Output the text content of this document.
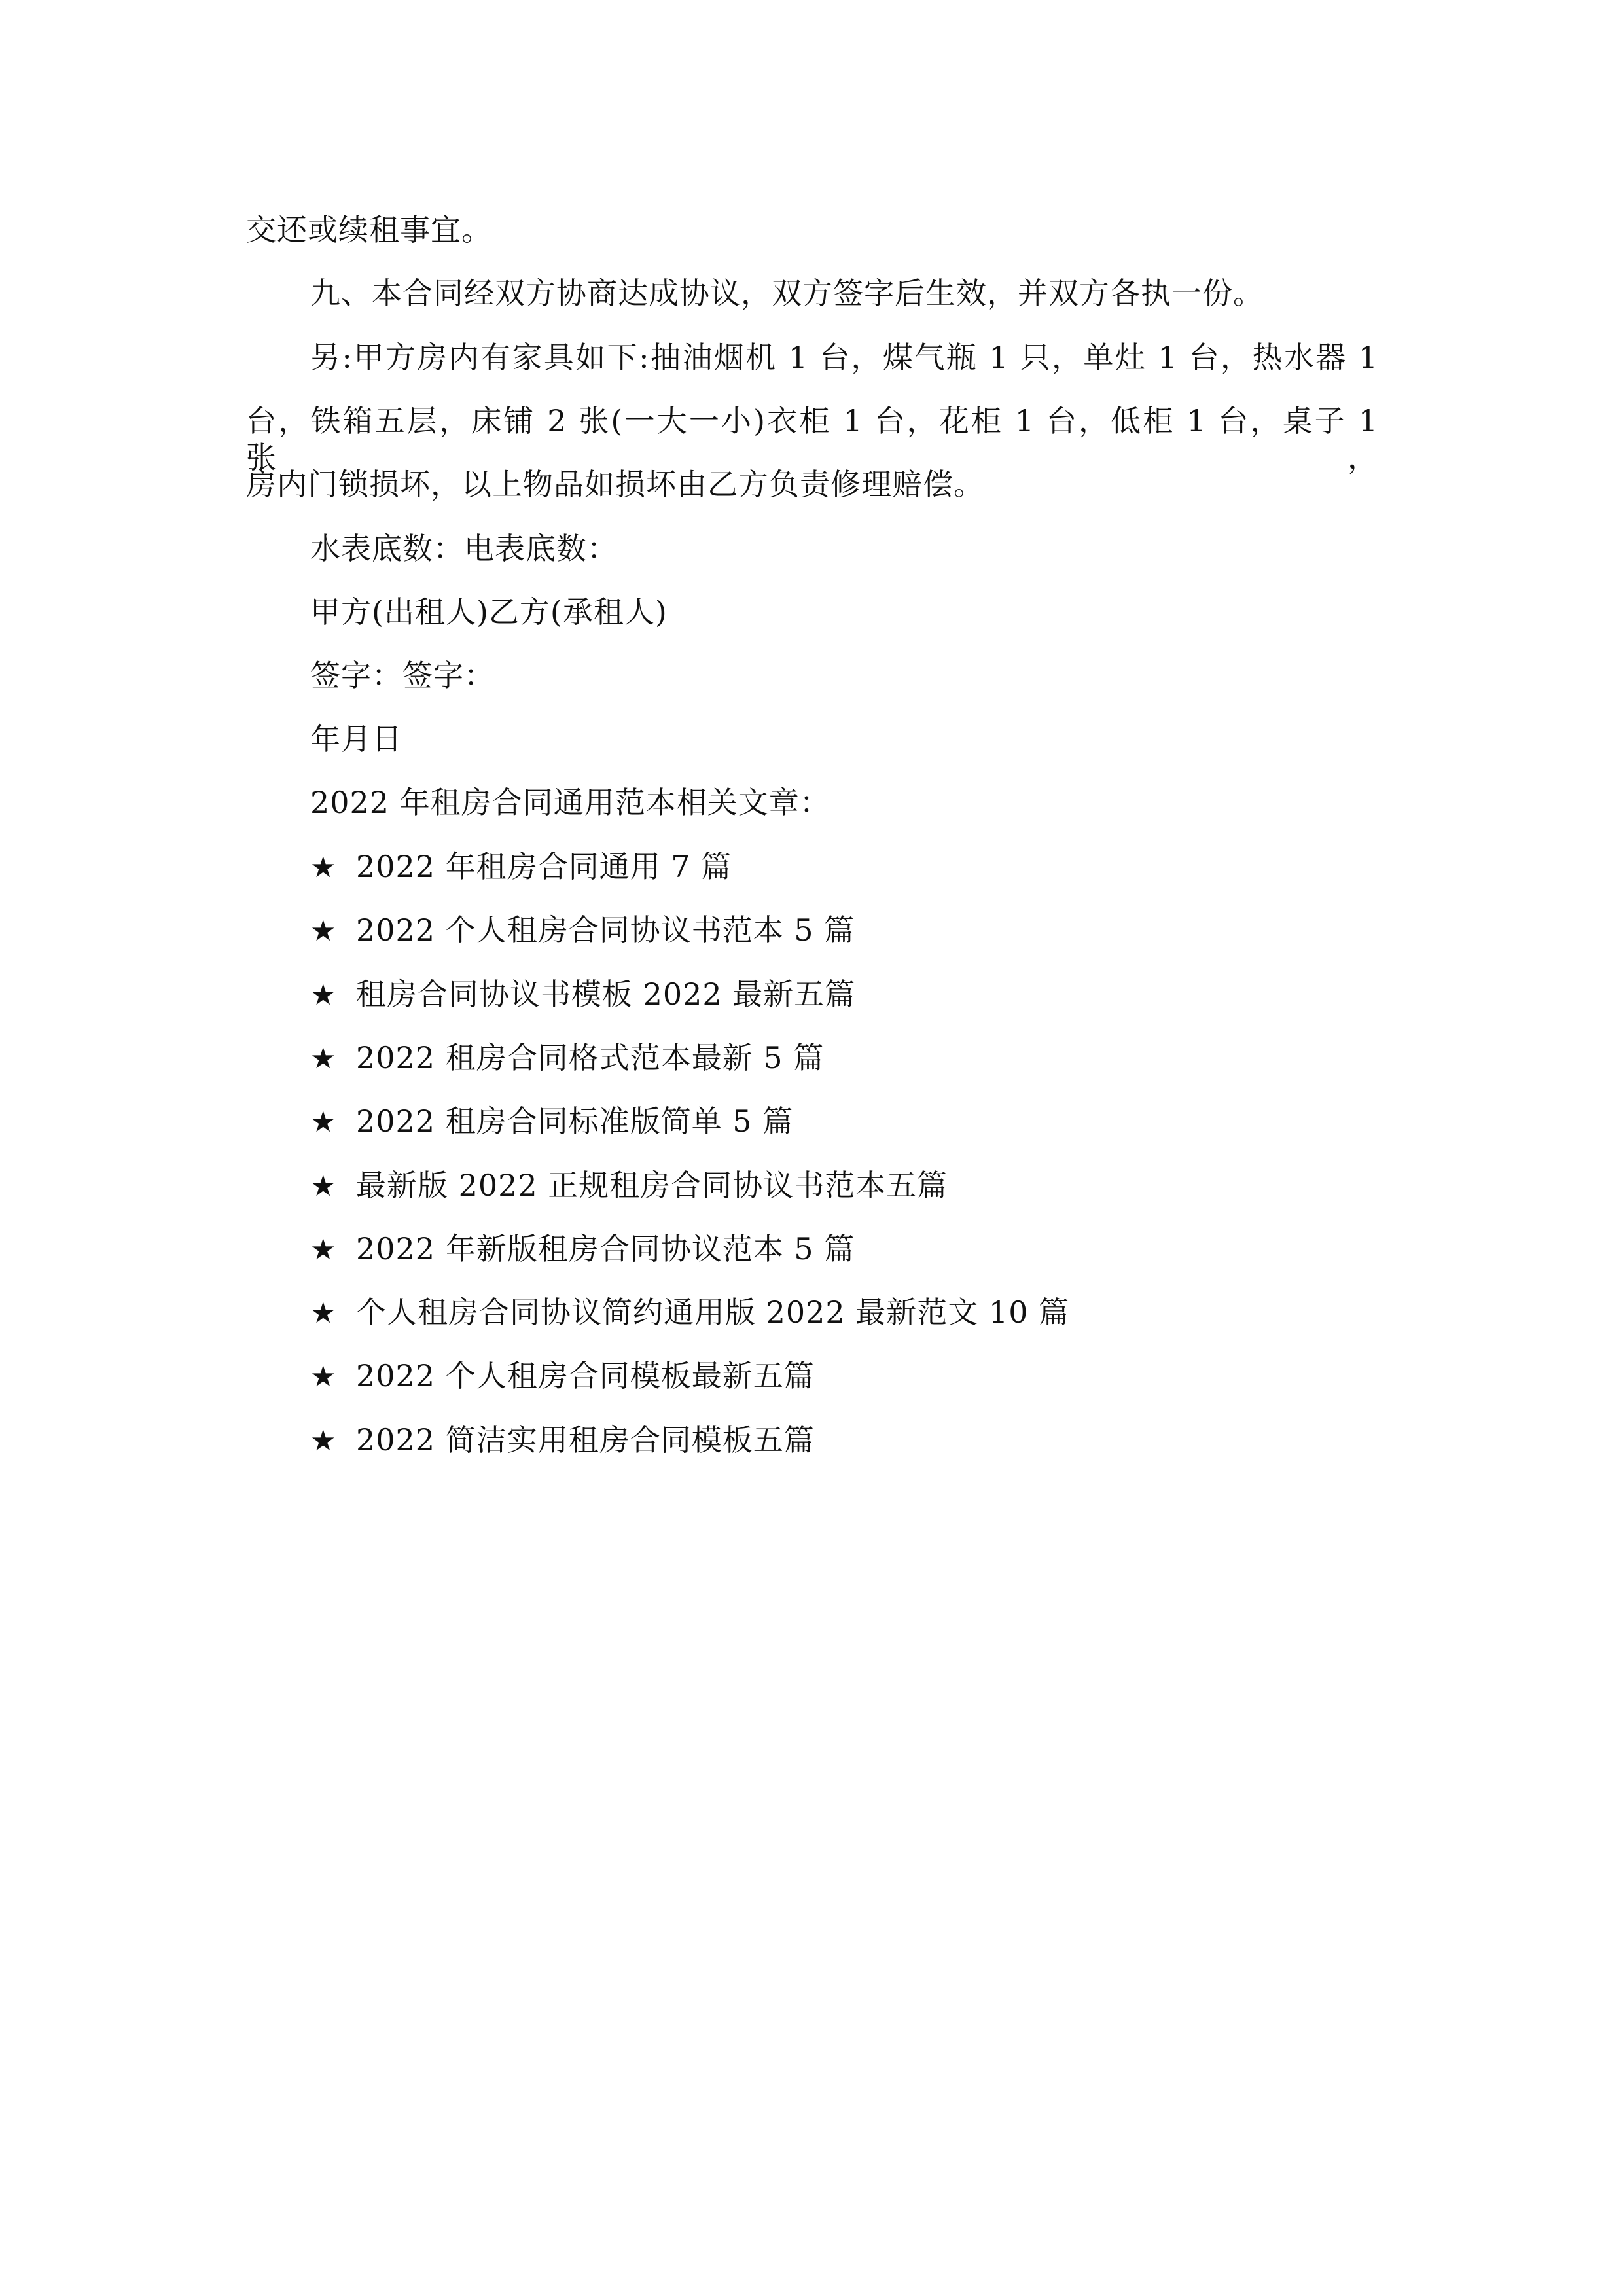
交还或续租事宜。
九、本合同经双方协商达成协议，双方签字后生效，并双方各执一份。
另:甲方房内有家具如下:抽油烟机 1 台，煤气瓶 1 只，单灶 1 台，热水器 1
台，铁箱五层，床铺 2 张(一大一小)衣柜 1 台，花柜 1 台，低柜 1 台，桌子 1 张，
房内门锁损坏，以上物品如损坏由乙方负责修理赔偿。
水表底数：电表底数：
甲方(出租人)乙方(承租人)
签字：签字：
年月日
2022 年租房合同通用范本相关文章：
★ 2022 年租房合同通用 7 篇
★ 2022 个人租房合同协议书范本 5 篇
★ 租房合同协议书模板 2022 最新五篇
★ 2022 租房合同格式范本最新 5 篇
★ 2022 租房合同标准版简单 5 篇
★ 最新版 2022 正规租房合同协议书范本五篇
★ 2022 年新版租房合同协议范本 5 篇
★ 个人租房合同协议简约通用版 2022 最新范文 10 篇
★ 2022 个人租房合同模板最新五篇
★ 2022 简洁实用租房合同模板五篇
